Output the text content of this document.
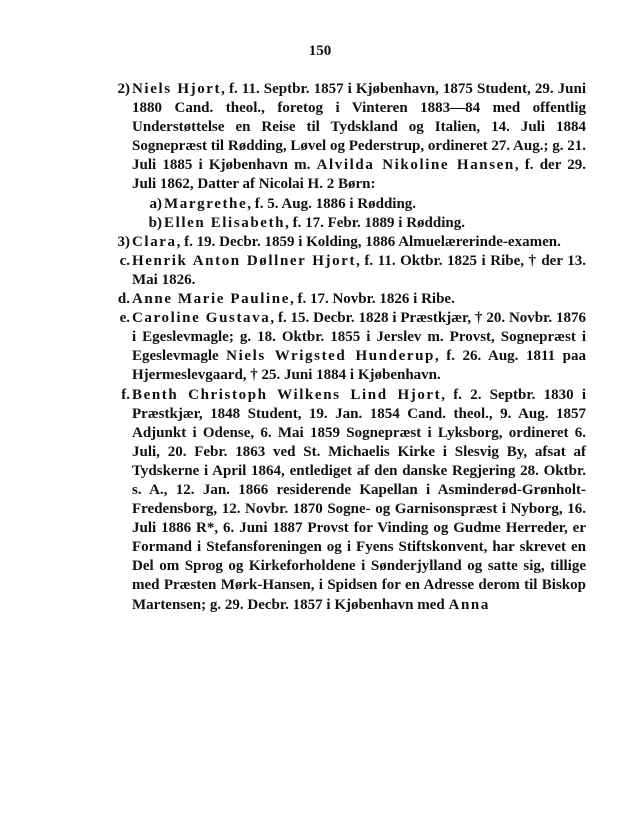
150

2) Niels Hjort, f. 11. Septbr. 1857 i Kjøbenhavn, 1875 Student, 29. Juni 1880 Cand. theol., foretog i Vinteren 1883—84 med offentlig Understøttelse en Reise til Tydskland og Italien, 14. Juli 1884 Sognepræst til Rødding, Løvel og Pederstrup, ordineret 27. Aug.; g. 21. Juli 1885 i Kjøbenhavn m. Alvilda Nikoline Hansen, f. der 29. Juli 1862, Datter af Nicolai H. 2 Børn:

a) Margrethe, f. 5. Aug. 1886 i Rødding.

b) Ellen Elisabeth, f. 17. Febr. 1889 i Rødding.

3) Clara, f. 19. Decbr. 1859 i Kolding, 1886 Almuelærerinde-examen.

c. Henrik Anton Døllner Hjort, f. 11. Oktbr. 1825 i Ribe, † der 13. Mai 1826.

d. Anne Marie Pauline, f. 17. Novbr. 1826 i Ribe.

e. Caroline Gustava, f. 15. Decbr. 1828 i Præstkjær, † 20. Novbr. 1876 i Egeslevmagle; g. 18. Oktbr. 1855 i Jerslev m. Provst, Sognepræst i Egeslevmagle Niels Wrigsted Hunderup, f. 26. Aug. 1811 paa Hjermeslevgaard, † 25. Juni 1884 i Kjøbenhavn.

f. Benth Christoph Wilkens Lind Hjort, f. 2. Septbr. 1830 i Præstkjær, 1848 Student, 19. Jan. 1854 Cand. theol., 9. Aug. 1857 Adjunkt i Odense, 6. Mai 1859 Sognepræst i Lyksborg, ordineret 6. Juli, 20. Febr. 1863 ved St. Michaelis Kirke i Slesvig By, afsat af Tydskerne i April 1864, entlediget af den danske Regjering 28. Oktbr. s. A., 12. Jan. 1866 residerende Kapellan i Asminderød-Grønholt-Fredensborg, 12. Novbr. 1870 Sogne- og Garnisonspræst i Nyborg, 16. Juli 1886 R*, 6. Juni 1887 Provst for Vinding og Gudme Herreder, er Formand i Stefansforeningen og i Fyens Stiftskonvent, har skrevet en Del om Sprog og Kirkeforholdene i Sønderjylland og satte sig, tillige med Præsten Mørk-Hansen, i Spidsen for en Adresse derom til Biskop Martensen; g. 29. Decbr. 1857 i Kjøbenhavn med Anna
